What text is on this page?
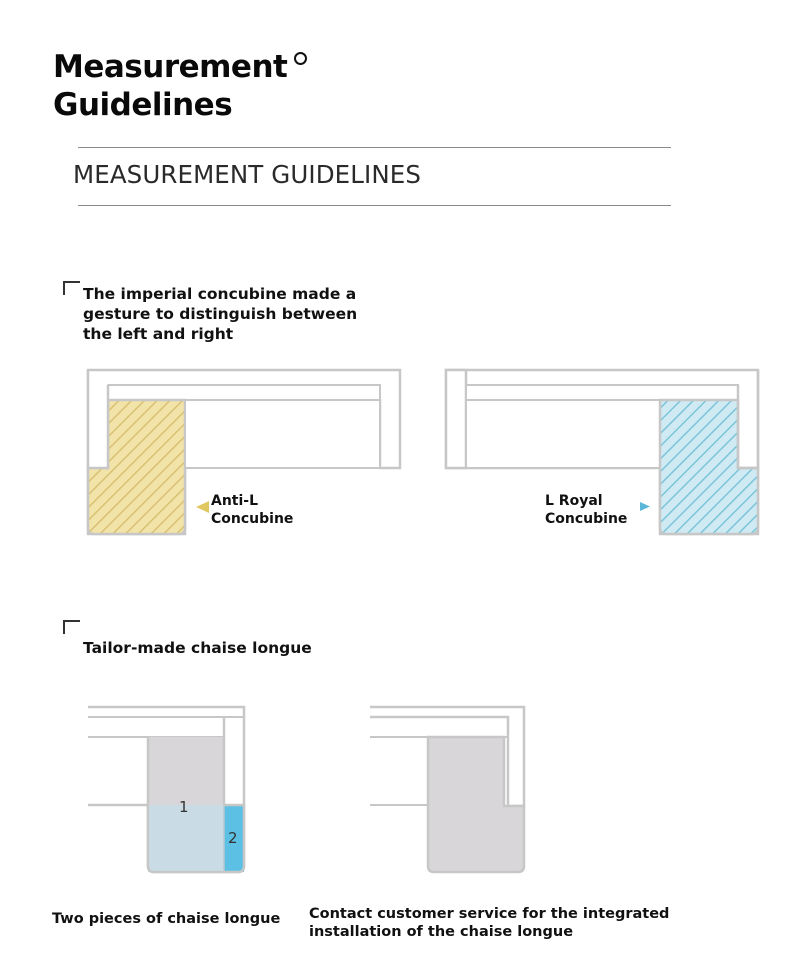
Measurement
Guidelines
MEASUREMENT GUIDELINES
The imperial concubine made a
gesture to distinguish between
the left and right
Anti-L
Concubine
L Royal
Concubine
Tailor-made chaise longue
1
2
Two pieces of chaise longue Contact customer service for the integrated
installation of the chaise longue
